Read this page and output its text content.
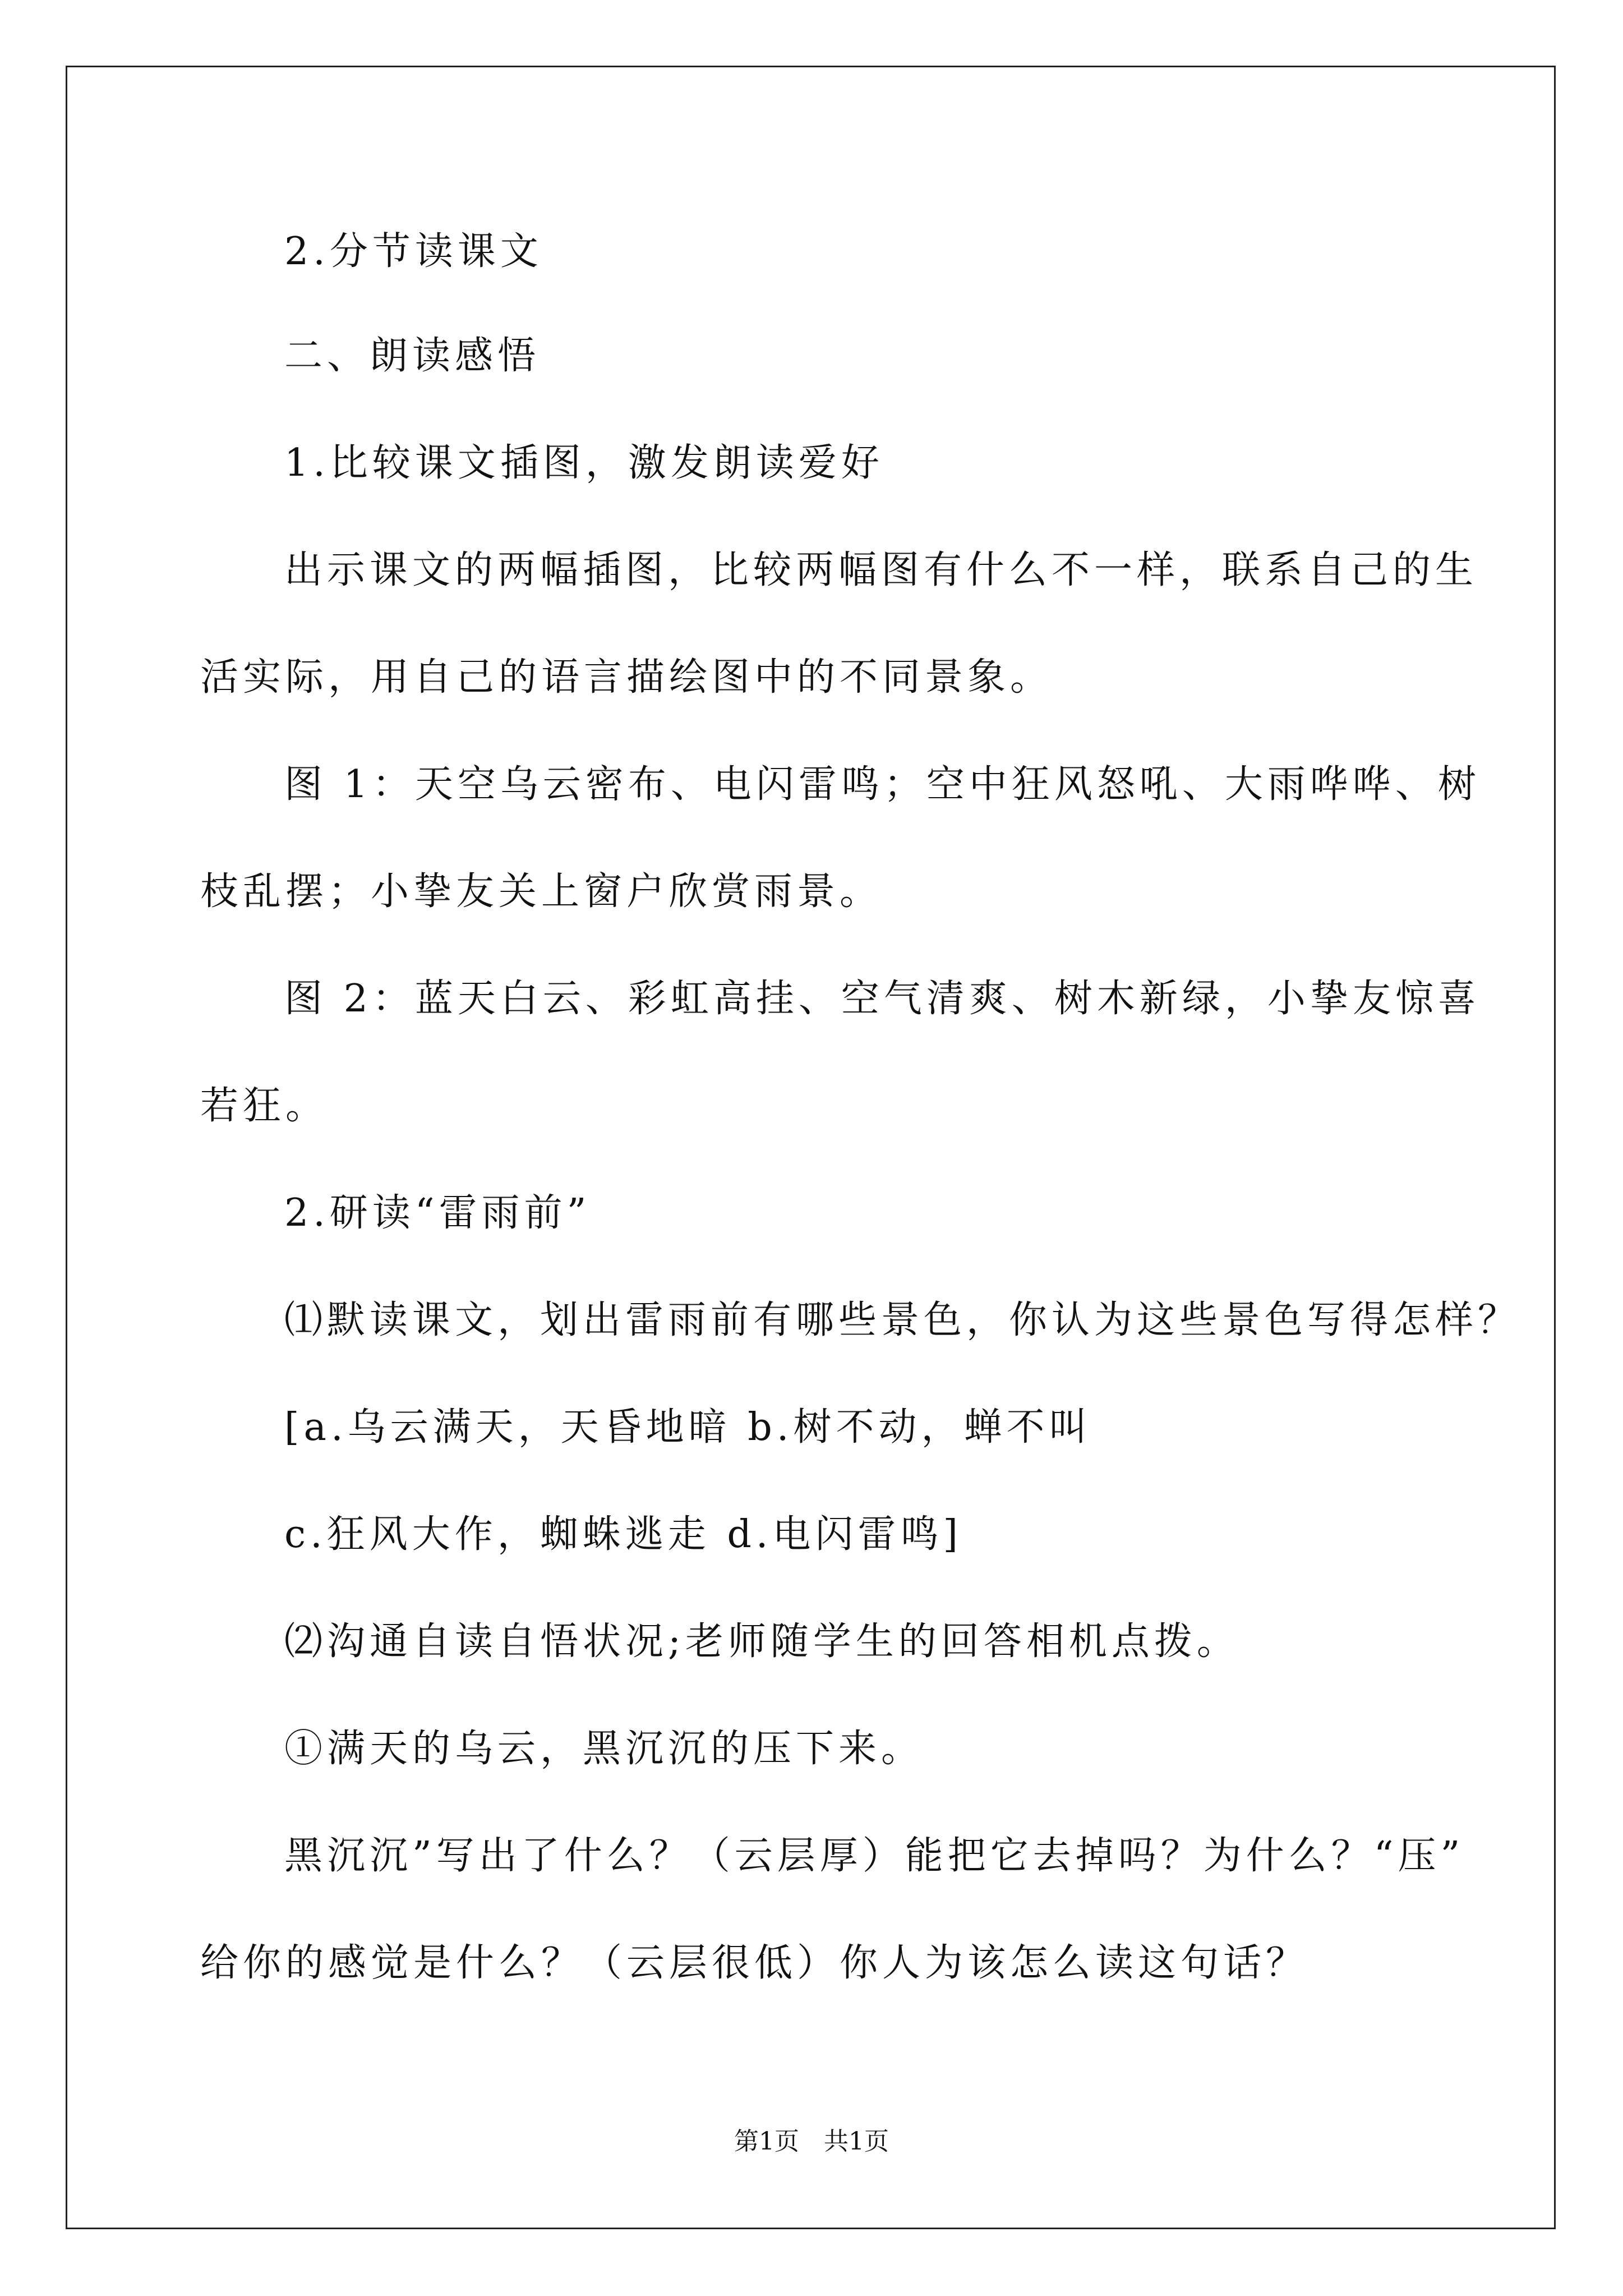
2.分节读课文

二、朗读感悟

1.比较课文插图，激发朗读爱好

出示课文的两幅插图，比较两幅图有什么不一样，联系自己的生

活实际，用自己的语言描绘图中的不同景象。

图 1：天空乌云密布、电闪雷鸣；空中狂风怒吼、大雨哗哗、树

枝乱摆；小挚友关上窗户欣赏雨景。

图 2：蓝天白云、彩虹高挂、空气清爽、树木新绿，小挚友惊喜

若狂。

2.研读“雷雨前”

⑴默读课文，划出雷雨前有哪些景色，你认为这些景色写得怎样？

[a.乌云满天，天昏地暗 b.树不动，蝉不叫

c.狂风大作，蜘蛛逃走 d.电闪雷鸣]

⑵沟通自读自悟状况;老师随学生的回答相机点拨。

①满天的乌云，黑沉沉的压下来。

黑沉沉”写出了什么？（云层厚）能把它去掉吗？为什么？“压”

给你的感觉是什么？（云层很低）你人为该怎么读这句话？

第1页　共1页
